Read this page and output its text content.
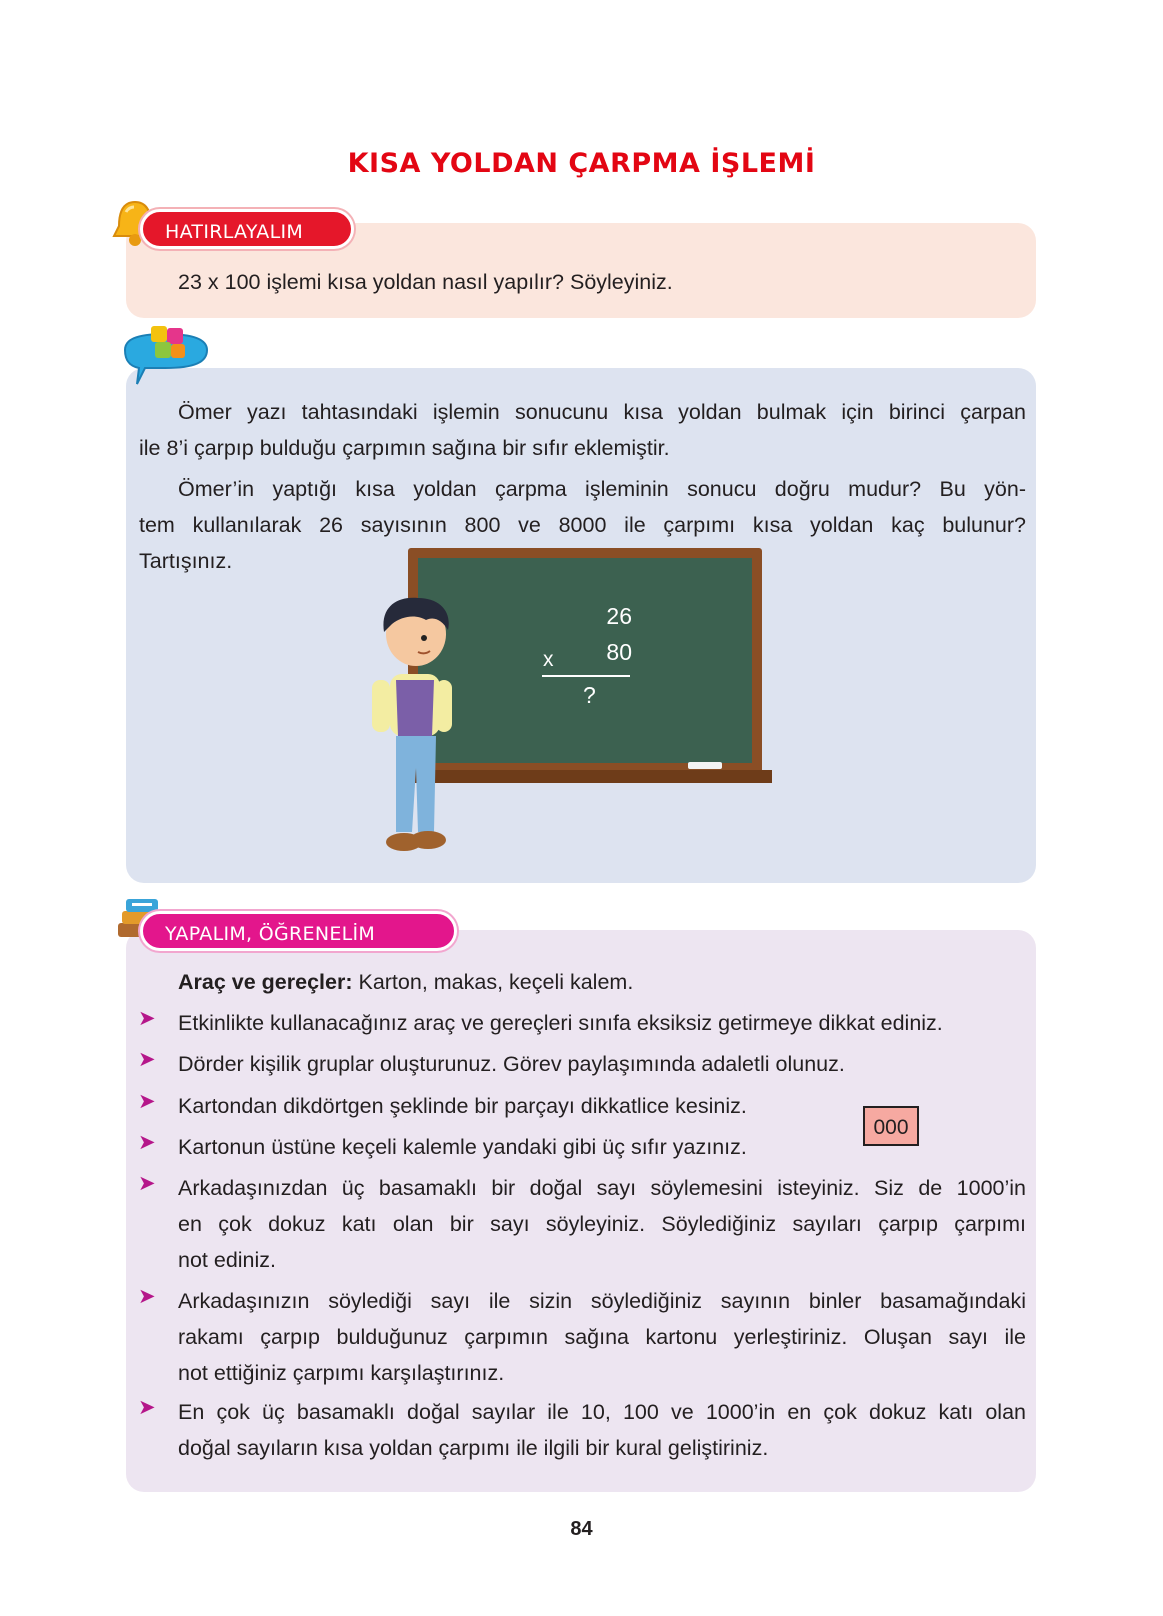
KISA YOLDAN ÇARPMA İŞLEMİ
HATIRLAYALIM
23 x 100 işlemi kısa yoldan nasıl yapılır? Söyleyiniz.
Ömer yazı tahtasındaki işlemin sonucunu kısa yoldan bulmak için birinci çarpan
ile 8’i çarpıp bulduğu çarpımın sağına bir sıfır eklemiştir.
Ömer’in yaptığı kısa yoldan çarpma işleminin sonucu doğru mudur? Bu yön-
tem kullanılarak 26 sayısının 800 ve 8000 ile çarpımı kısa yoldan kaç bulunur?
Tartışınız.
26
80
x
?
YAPALIM, ÖĞRENELİM
Araç ve gereçler: Karton, makas, keçeli kalem.
➤ Etkinlikte kullanacağınız araç ve gereçleri sınıfa eksiksiz getirmeye dikkat ediniz.
➤ Dörder kişilik gruplar oluşturunuz. Görev paylaşımında adaletli olunuz.
➤ Kartondan dikdörtgen şeklinde bir parçayı dikkatlice kesiniz.
➤ Kartonun üstüne keçeli kalemle yandaki gibi üç sıfır yazınız.
➤ Arkadaşınızdan üç basamaklı bir doğal sayı söylemesini isteyiniz. Siz de 1000’in
en çok dokuz katı olan bir sayı söyleyiniz. Söylediğiniz sayıları çarpıp çarpımı
not ediniz.
➤ Arkadaşınızın söylediği sayı ile sizin söylediğiniz sayının binler basamağındaki
rakamı çarpıp bulduğunuz çarpımın sağına kartonu yerleştiriniz. Oluşan sayı ile
not ettiğiniz çarpımı karşılaştırınız.
➤ En çok üç basamaklı doğal sayılar ile 10, 100 ve 1000’in en çok dokuz katı olan
doğal sayıların kısa yoldan çarpımı ile ilgili bir kural geliştiriniz.
000
84
